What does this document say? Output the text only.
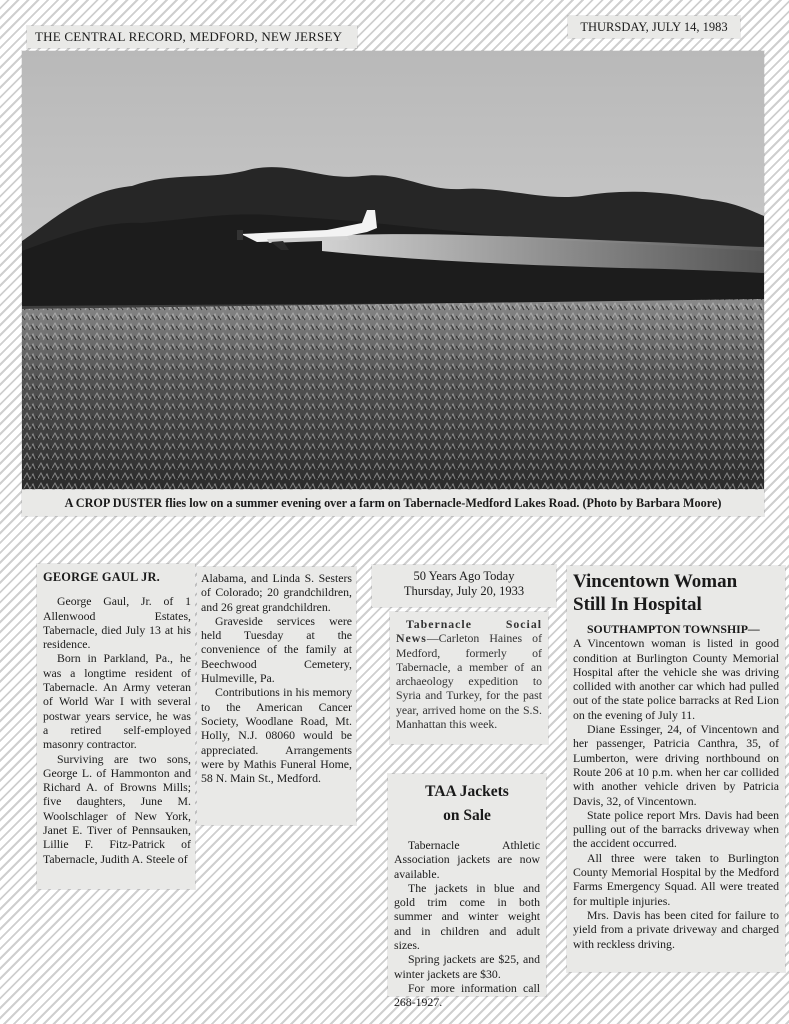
THE CENTRAL RECORD, MEDFORD, NEW JERSEY
THURSDAY, JULY 14, 1983
A CROP DUSTER flies low on a summer evening over a farm on Tabernacle-Medford Lakes Road. (Photo by Barbara Moore)
GEORGE GAUL JR.

George Gaul, Jr. of 1 Allenwood Estates, Tabernacle, died July 13 at his residence.

Born in Parkland, Pa., he was a longtime resident of Tabernacle. An Army veteran of World War I with several postwar years service, he was a retired self-employed masonry contractor.

Surviving are two sons, George L. of Hammonton and Richard A. of Browns Mills; five daughters, June M. Woolschlager of New York, Janet E. Tiver of Pennsauken, Lillie F. Fitz-Patrick of Tabernacle, Judith A. Steele of

Alabama, and Linda S. Sesters of Colorado; 20 grandchildren, and 26 great grandchildren.

Graveside services were held Tuesday at the convenience of the family at Beechwood Cemetery, Hulmeville, Pa.

Contributions in his memory to the American Cancer Society, Woodlane Road, Mt. Holly, N.J. 08060 would be appreciated. Arrangements were by Mathis Funeral Home, 58 N. Main St., Medford.

50 Years Ago Today
Thursday, July 20, 1933

Tabernacle Social News—Carleton Haines of Medford, formerly of Tabernacle, a member of an archaeology expedition to Syria and Turkey, for the past year, arrived home on the S.S. Manhattan this week.

TAA Jackets
on Sale

Tabernacle Athletic Association jackets are now available.

The jackets in blue and gold trim come in both summer and winter weight and in children and adult sizes.

Spring jackets are $25, and winter jackets are $30.

For more information call 268-1927.

Vincentown Woman
Still In Hospital

SOUTHAMPTON TOWNSHIP—

A Vincentown woman is listed in good condition at Burlington County Memorial Hospital after the vehicle she was driving collided with another car which had pulled out of the state police barracks at Red Lion on the evening of July 11.

Diane Essinger, 24, of Vincentown and her passenger, Patricia Canthra, 35, of Lumberton, were driving northbound on Route 206 at 10 p.m. when her car collided with another vehicle driven by Patricia Davis, 32, of Vincentown.

State police report Mrs. Davis had been pulling out of the barracks driveway when the accident occurred.

All three were taken to Burlington County Memorial Hospital by the Medford Farms Emergency Squad. All were treated for multiple injuries.

Mrs. Davis has been cited for failure to yield from a private driveway and charged with reckless driving.
